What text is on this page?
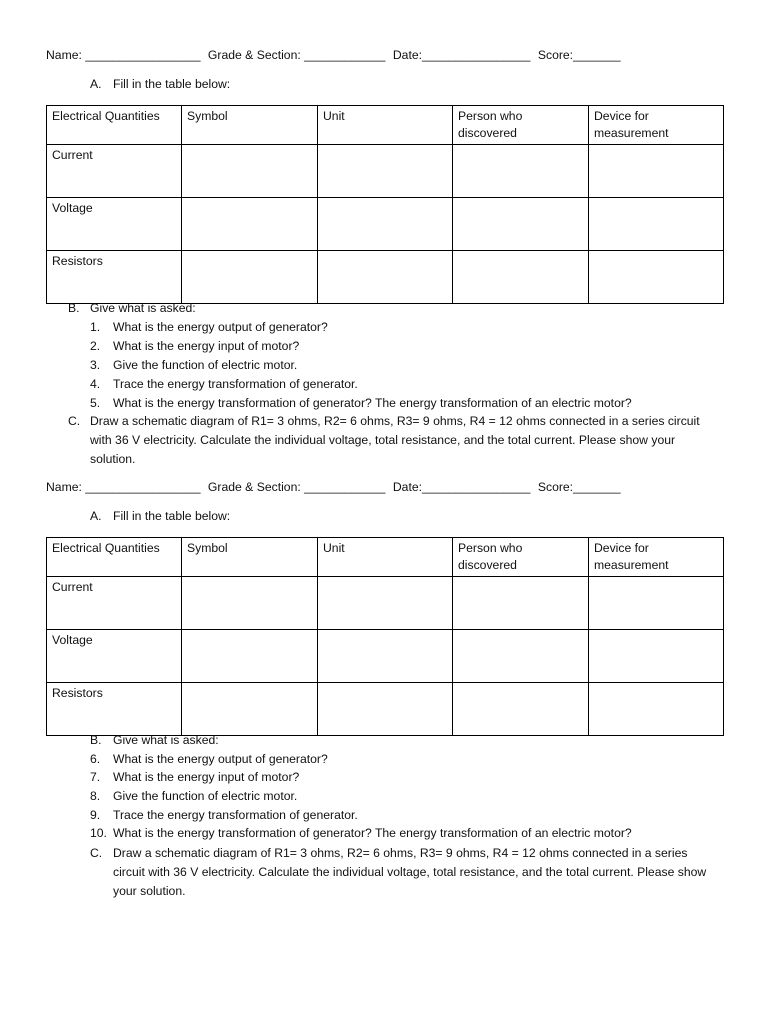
Name: _________________ Grade & Section: ____________ Date:________________ Score:_______
A. Fill in the table below:
Electrical Quantities	Symbol	Unit	Person who discovered	Device for measurement
Current				
Voltage				
Resistors				
B. Give what is asked:
1. What is the energy output of generator?
2. What is the energy input of motor?
3. Give the function of electric motor.
4. Trace the energy transformation of generator.
5. What is the energy transformation of generator? The energy transformation of an electric motor?
C. Draw a schematic diagram of R1= 3 ohms, R2= 6 ohms, R3= 9 ohms, R4 = 12 ohms connected in a series circuit with 36 V electricity. Calculate the individual voltage, total resistance, and the total current. Please show your solution.
Name: _________________ Grade & Section: ____________ Date:________________ Score:_______
A. Fill in the table below:
Electrical Quantities	Symbol	Unit	Person who discovered	Device for measurement
Current				
Voltage				
Resistors				
B. Give what is asked:
6. What is the energy output of generator?
7. What is the energy input of motor?
8. Give the function of electric motor.
9. Trace the energy transformation of generator.
10. What is the energy transformation of generator? The energy transformation of an electric motor?
C. Draw a schematic diagram of R1= 3 ohms, R2= 6 ohms, R3= 9 ohms, R4 = 12 ohms connected in a series circuit with 36 V electricity. Calculate the individual voltage, total resistance, and the total current. Please show your solution.
